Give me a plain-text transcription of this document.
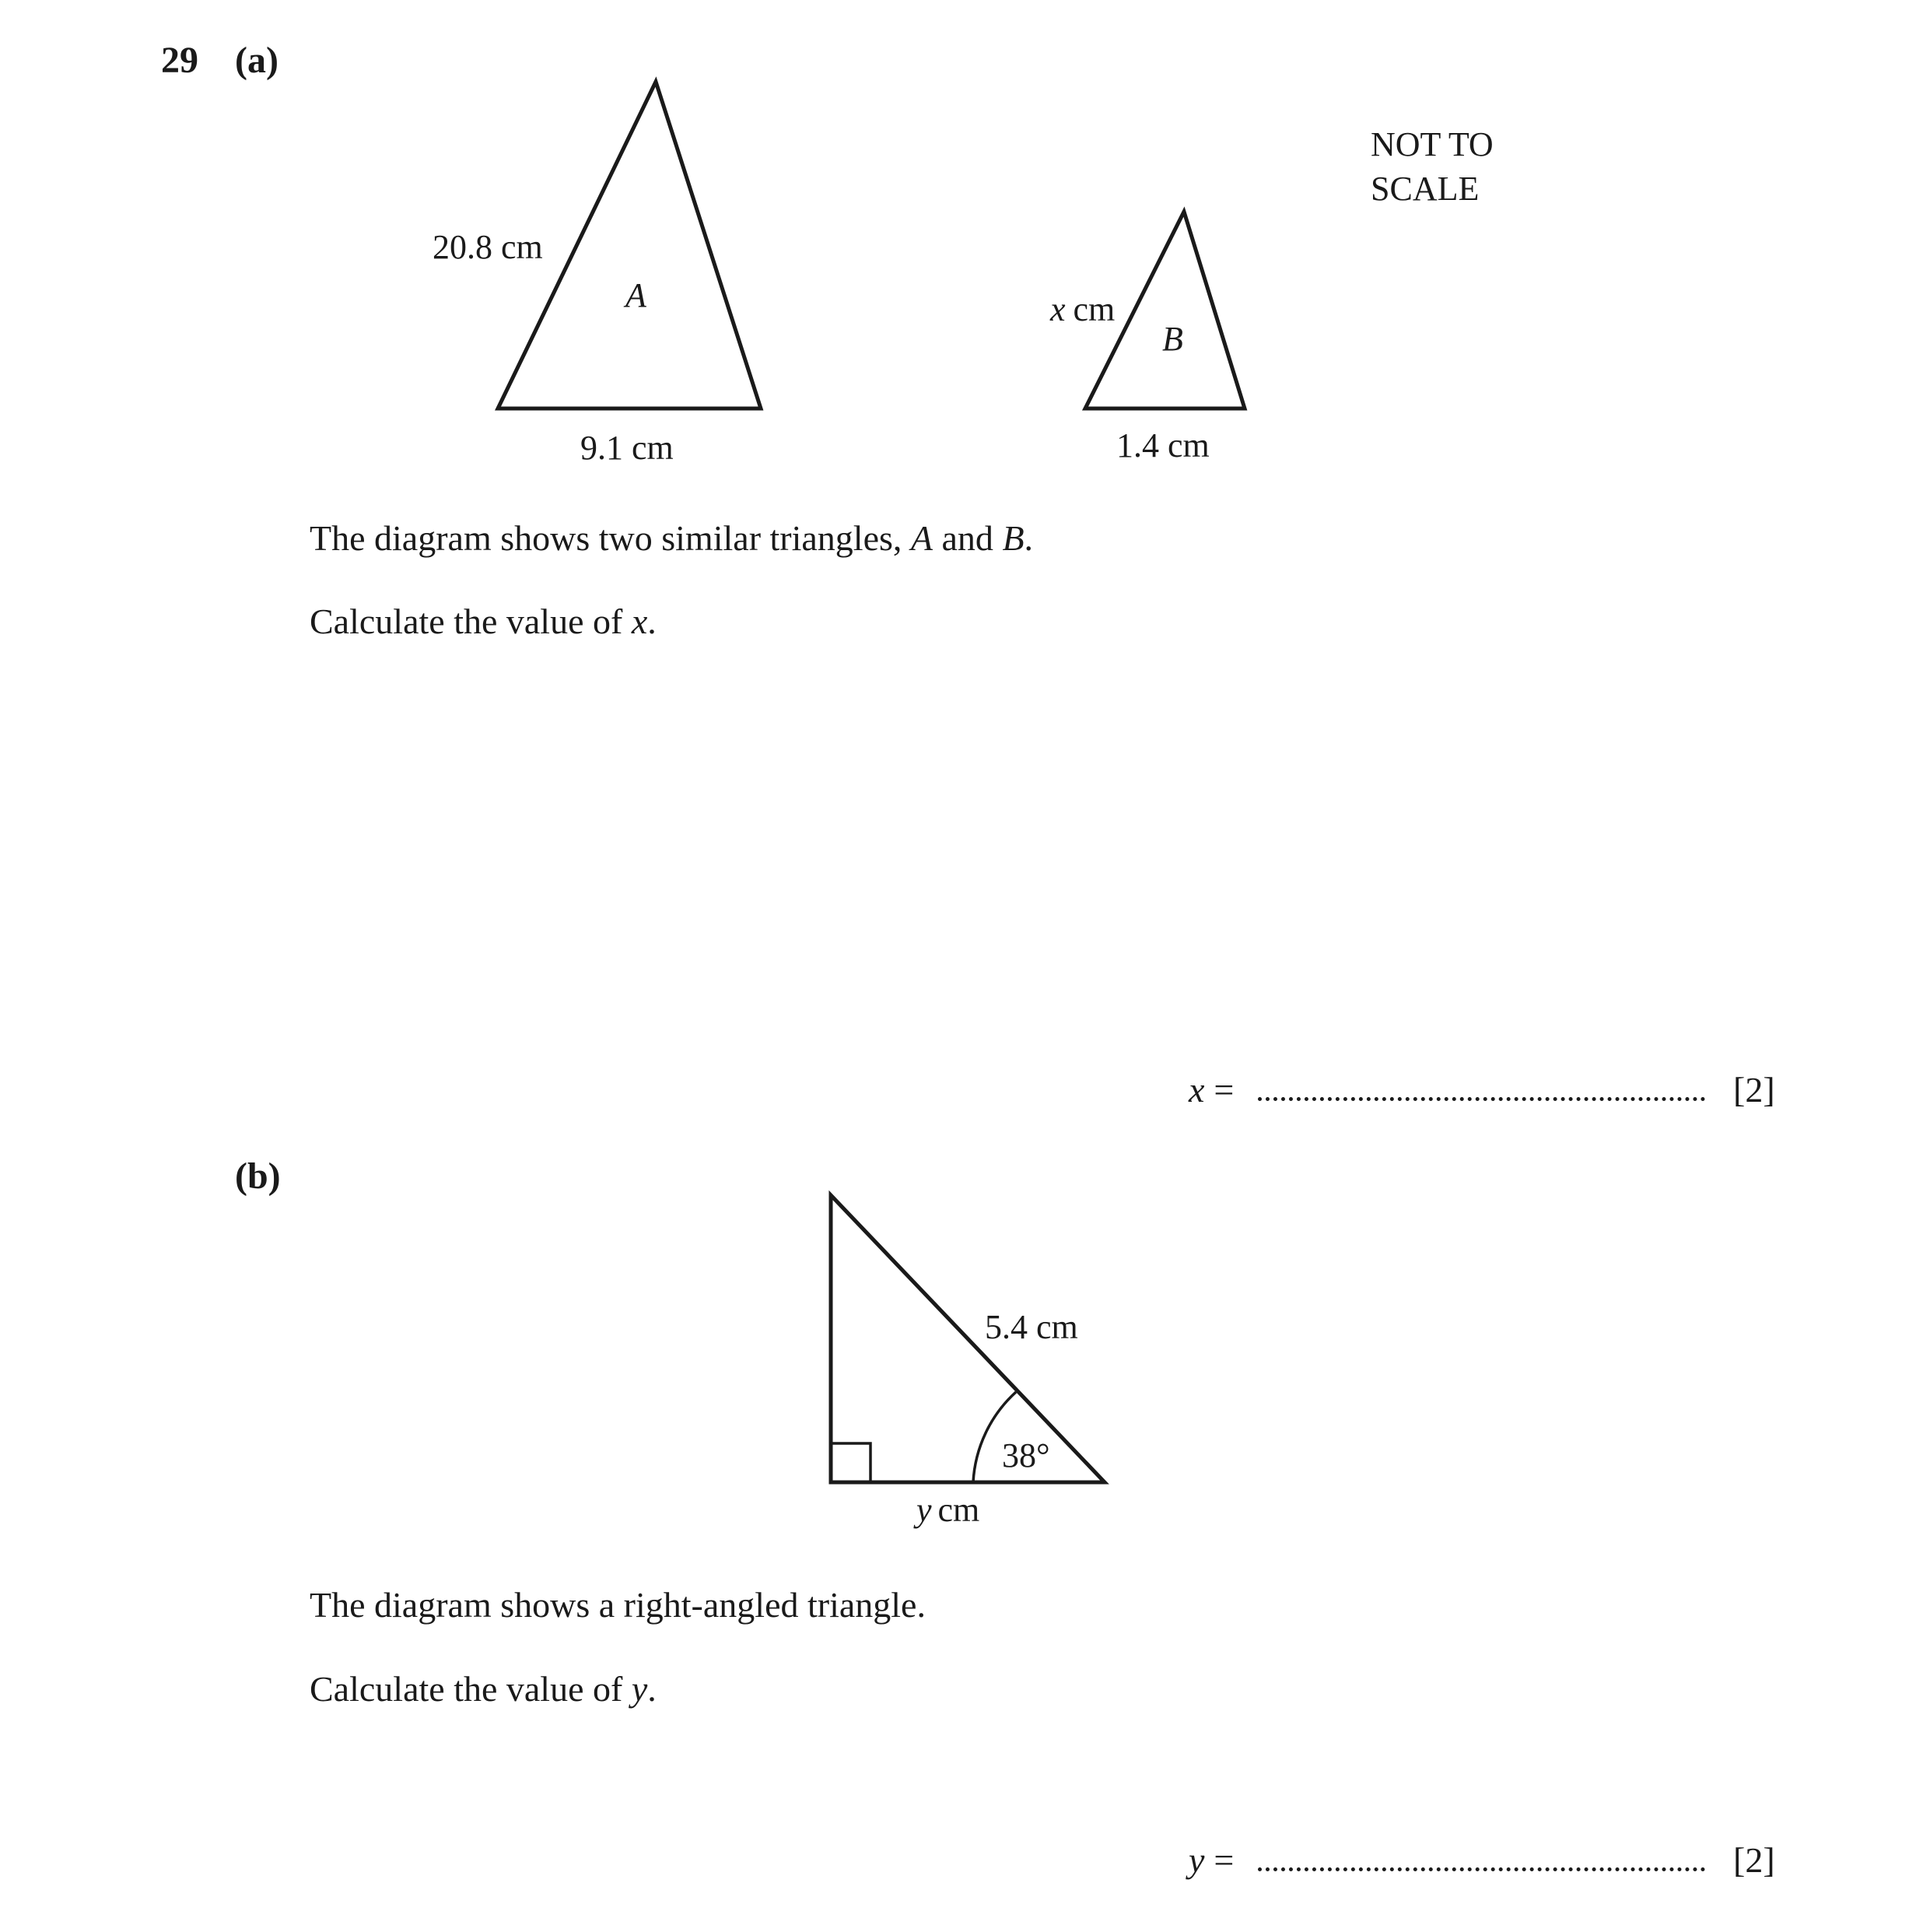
29 (a)
NOT TO
SCALE
20.8 cm
A
9.1 cm
x cm
B
1.4 cm
The diagram shows two similar triangles, A and B.
Calculate the value of x.
x =	[2]
(b)
5.4 cm
38°
y cm
The diagram shows a right-angled triangle.
Calculate the value of y.
y =	[2]
